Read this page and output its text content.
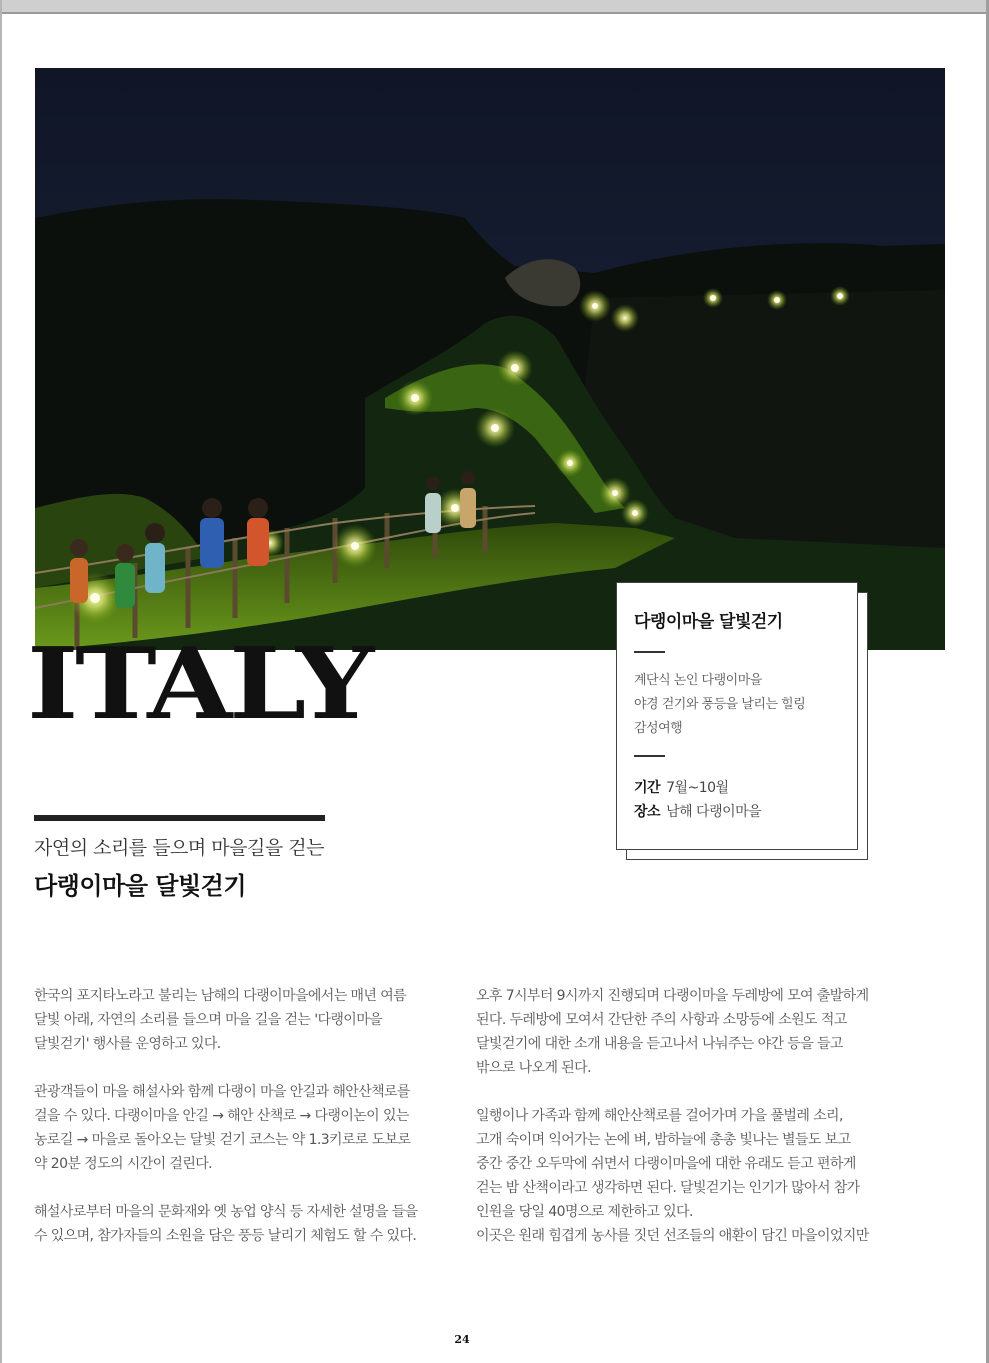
ITALY
다랭이마을 달빛걷기
계단식 논인 다랭이마을
야경 걷기와 풍등을 날리는 힐링
감성여행
기간 7월~10월
장소 남해 다랭이마을
자연의 소리를 들으며 마을길을 걷는
다랭이마을 달빛걷기
한국의 포지타노라고 불리는 남해의 다랭이마을에서는 매년 여름
달빛 아래, 자연의 소리를 들으며 마을 길을 걷는 '다랭이마을
달빛걷기' 행사를 운영하고 있다.
관광객들이 마을 해설사와 함께 다랭이 마을 안길과 해안산책로를
걸을 수 있다. 다랭이마을 안길 → 해안 산책로 → 다랭이논이 있는
농로길 → 마을로 돌아오는 달빛 걷기 코스는 약 1.3키로로 도보로
약 20분 정도의 시간이 걸린다.
해설사로부터 마을의 문화재와 옛 농업 양식 등 자세한 설명을 들을
수 있으며, 참가자들의 소원을 담은 풍등 날리기 체험도 할 수 있다.
오후 7시부터 9시까지 진행되며 다랭이마을 두레방에 모여 출발하게
된다. 두레방에 모여서 간단한 주의 사항과 소망등에 소원도 적고
달빛걷기에 대한 소개 내용을 듣고나서 나눠주는 야간 등을 들고
밖으로 나오게 된다.
일행이나 가족과 함께 해안산책로를 걸어가며 가을 풀벌레 소리,
고개 숙이며 익어가는 논에 벼, 밤하늘에 총총 빛나는 별들도 보고
중간 중간 오두막에 쉬면서 다랭이마을에 대한 유래도 듣고 편하게
걷는 밤 산책이라고 생각하면 된다. 달빛걷기는 인기가 많아서 참가
인원을 당일 40명으로 제한하고 있다.
이곳은 원래 힘겹게 농사를 짓던 선조들의 애환이 담긴 마을이었지만
24
